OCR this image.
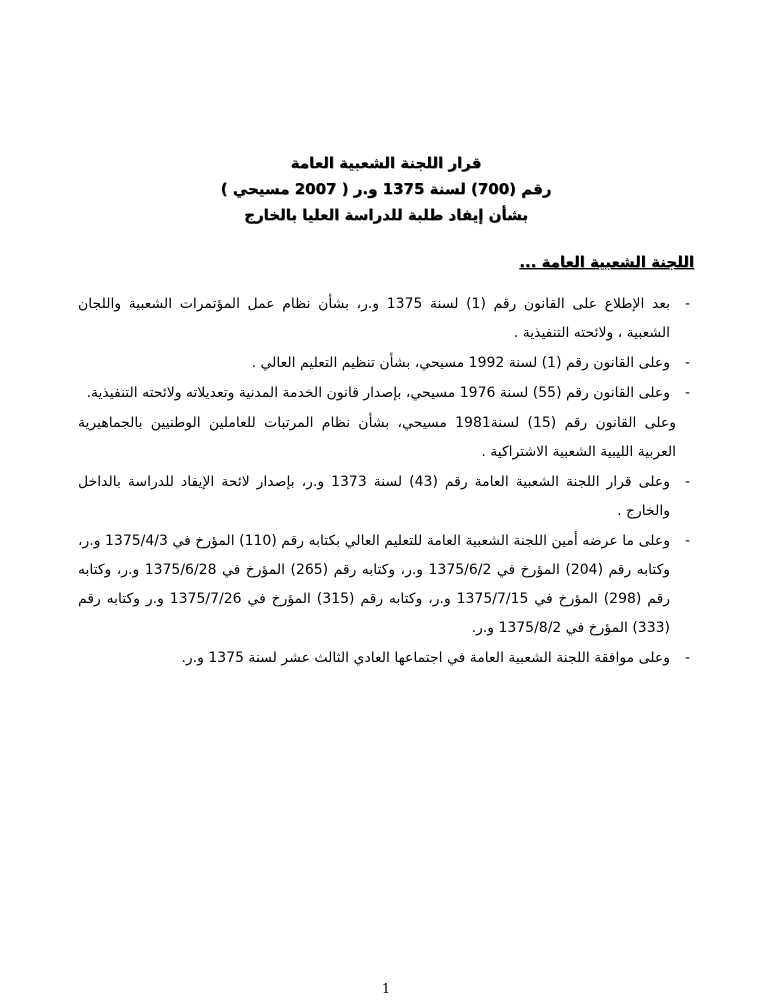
قرار اللجنة الشعبية العامة
رقم (700) لسنة 1375 و.ر ( 2007 مسيحي )
بشأن إيفاد طلبة للدراسة العليا بالخارج
اللجنة الشعبية العامة ...
-
بعد الإطلاع على القانون رقم (1) لسنة 1375 و.ر، بشأن نظام عمل المؤتمرات الشعبية واللجان الشعبية ، ولائحته التنفيذية .
-
وعلى القانون رقم (1) لسنة 1992 مسيحي، بشأن تنظيم التعليم العالي .
-
وعلى القانون رقم (55) لسنة 1976 مسيحي، بإصدار قانون الخدمة المدنية وتعديلاته ولائحته التنفيذية.
وعلى القانون رقم (15) لسنة1981 مسيحي، بشأن نظام المرتبات للعاملين الوطنيين بالجماهيرية العربية الليبية الشعبية الاشتراكية .
-
وعلى قرار اللجنة الشعبية العامة رقم (43) لسنة 1373 و.ر، بإصدار لائحة الإيفاد للدراسة بالداخل والخارج .
-
وعلى ما عرضه أمين اللجنة الشعبية العامة للتعليم العالي بكتابه رقم (110) المؤرخ في 1375/4/3 و.ر، وكتابه رقم (204) المؤرخ في 1375/6/2 و.ر، وكتابه رقم (265) المؤرخ في 1375/6/28 و.ر، وكتابه رقم (298) المؤرخ في 1375/7/15 و.ر، وكتابه رقم (315) المؤرخ في 1375/7/26 و.ر وكتابه رقم (333) المؤرخ في 1375/8/2 و.ر.
-
وعلى موافقة اللجنة الشعبية العامة في اجتماعها العادي الثالث عشر لسنة 1375 و.ر.
1
